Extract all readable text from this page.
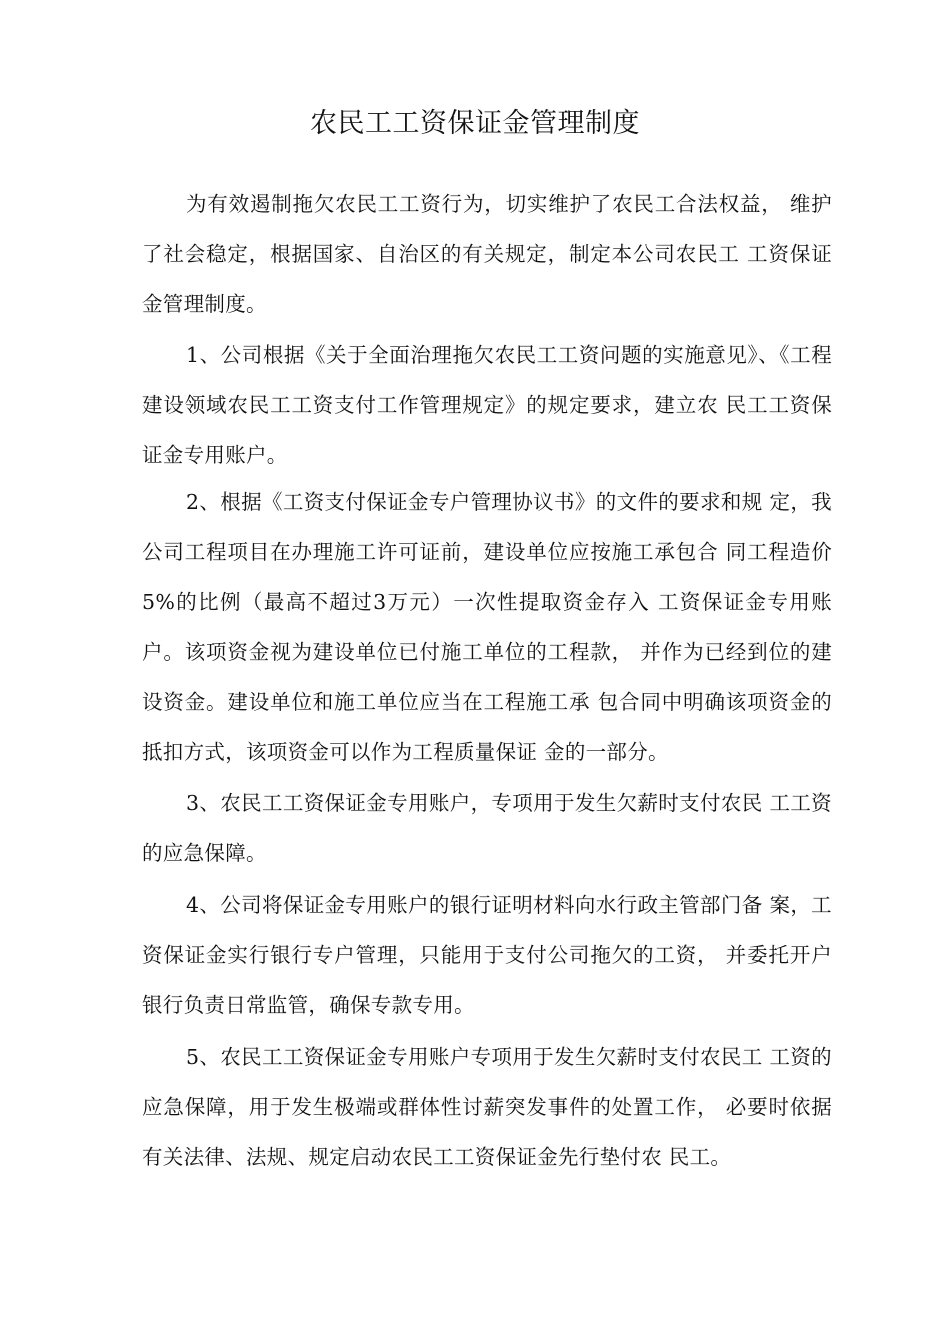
农民工工资保证金管理制度

为有效遏制拖欠农民工工资行为，切实维护了农民工合法权益， 维护了社会稳定，根据国家、自治区的有关规定，制定本公司农民工 工资保证金管理制度。

1、公司根据《关于全面治理拖欠农民工工资问题的实施意见》、《工程建设领域农民工工资支付工作管理规定》的规定要求，建立农 民工工资保证金专用账户。

2、根据《工资支付保证金专户管理协议书》的文件的要求和规 定，我公司工程项目在办理施工许可证前，建设单位应按施工承包合 同工程造价5%的比例（最高不超过3万元）一次性提取资金存入 工资保证金专用账户。该项资金视为建设单位已付施工单位的工程款， 并作为已经到位的建设资金。建设单位和施工单位应当在工程施工承 包合同中明确该项资金的抵扣方式，该项资金可以作为工程质量保证 金的一部分。

3、农民工工资保证金专用账户，专项用于发生欠薪时支付农民 工工资的应急保障。

4、公司将保证金专用账户的银行证明材料向水行政主管部门备 案，工资保证金实行银行专户管理，只能用于支付公司拖欠的工资， 并委托开户银行负责日常监管，确保专款专用。

5、农民工工资保证金专用账户专项用于发生欠薪时支付农民工 工资的应急保障，用于发生极端或群体性讨薪突发事件的处置工作， 必要时依据有关法律、法规、规定启动农民工工资保证金先行垫付农 民工。
